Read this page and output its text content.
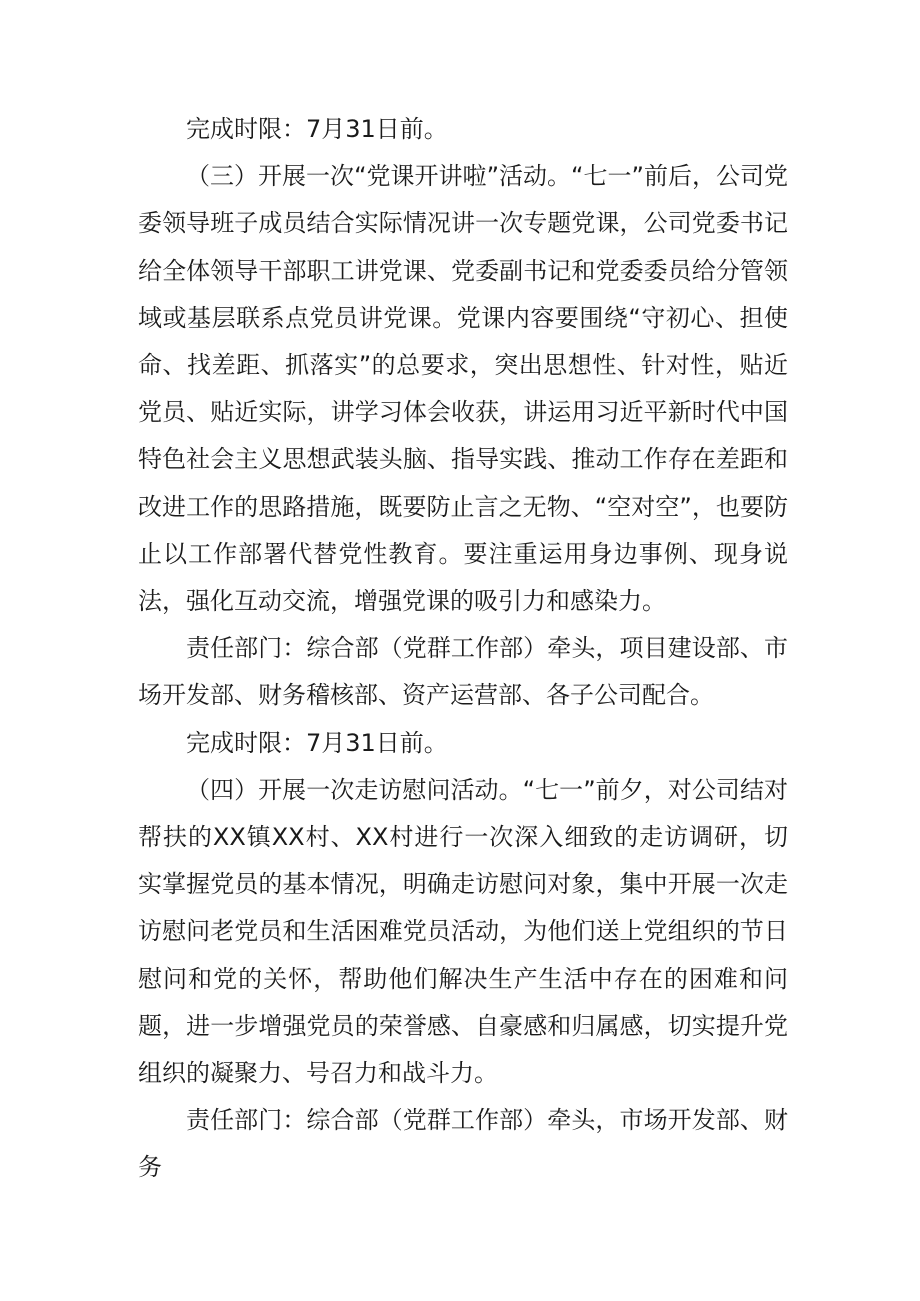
完成时限：7月31日前。

（三）开展一次“党课开讲啦”活动。“七一”前后，公司党委领导班子成员结合实际情况讲一次专题党课，公司党委书记给全体领导干部职工讲党课、党委副书记和党委委员给分管领域或基层联系点党员讲党课。党课内容要围绕“守初心、担使命、找差距、抓落实”的总要求，突出思想性、针对性，贴近党员、贴近实际，讲学习体会收获，讲运用习近平新时代中国特色社会主义思想武装头脑、指导实践、推动工作存在差距和改进工作的思路措施，既要防止言之无物、“空对空”，也要防止以工作部署代替党性教育。要注重运用身边事例、现身说法，强化互动交流，增强党课的吸引力和感染力。

责任部门：综合部（党群工作部）牵头，项目建设部、市场开发部、财务稽核部、资产运营部、各子公司配合。

完成时限：7月31日前。

（四）开展一次走访慰问活动。“七一”前夕，对公司结对帮扶的XX镇XX村、XX村进行一次深入细致的走访调研，切实掌握党员的基本情况，明确走访慰问对象，集中开展一次走访慰问老党员和生活困难党员活动，为他们送上党组织的节日慰问和党的关怀，帮助他们解决生产生活中存在的困难和问题，进一步增强党员的荣誉感、自豪感和归属感，切实提升党组织的凝聚力、号召力和战斗力。

责任部门：综合部（党群工作部）牵头，市场开发部、财务
